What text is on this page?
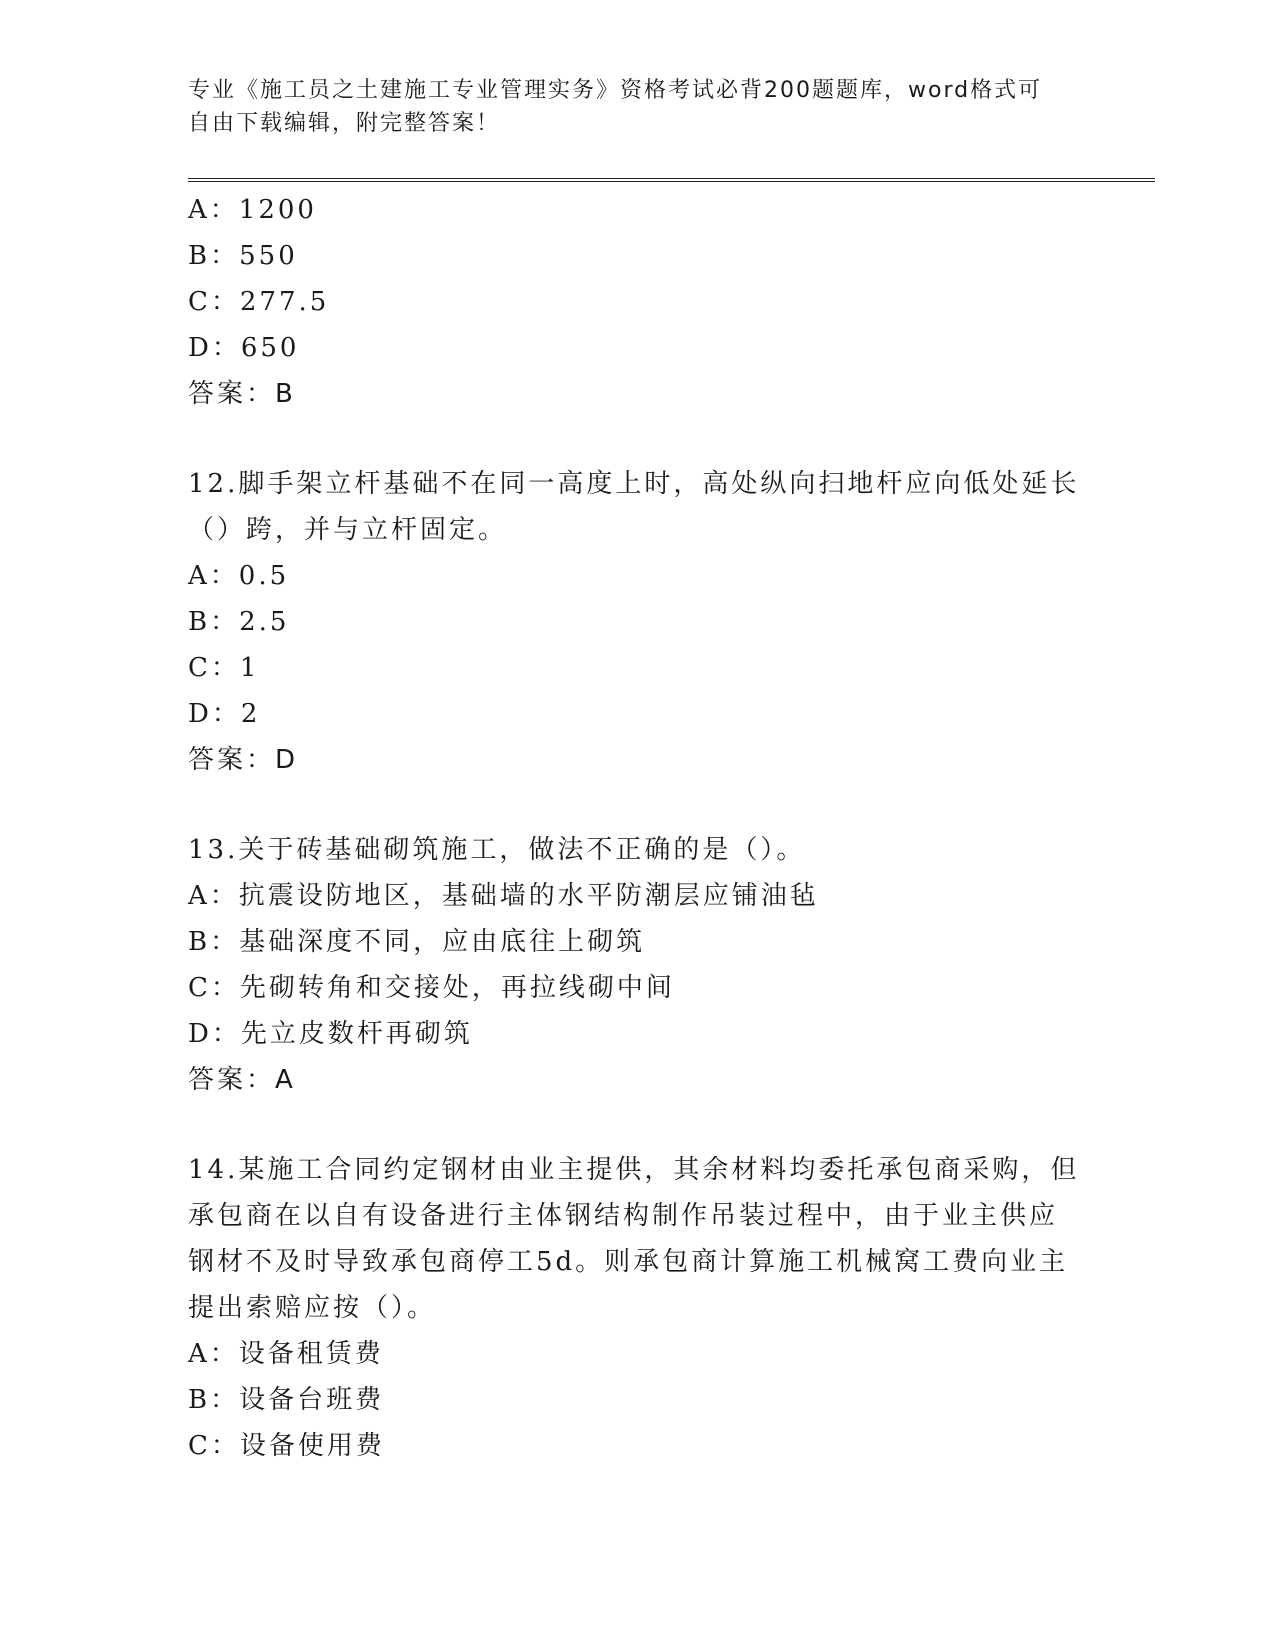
专业《施工员之土建施工专业管理实务》资格考试必背200题题库，word格式可
自由下载编辑，附完整答案！
A：1200
B：550
C：277.5
D：650
答案：B
12.脚手架立杆基础不在同一高度上时，高处纵向扫地杆应向低处延长
（）跨，并与立杆固定。
A：0.5
B：2.5
C：1
D：2
答案：D
13.关于砖基础砌筑施工，做法不正确的是（）。
A：抗震设防地区，基础墙的水平防潮层应铺油毡
B：基础深度不同，应由底往上砌筑
C：先砌转角和交接处，再拉线砌中间
D：先立皮数杆再砌筑
答案：A
14.某施工合同约定钢材由业主提供，其余材料均委托承包商采购，但
承包商在以自有设备进行主体钢结构制作吊装过程中，由于业主供应
钢材不及时导致承包商停工5d。则承包商计算施工机械窝工费向业主
提出索赔应按（）。
A：设备租赁费
B：设备台班费
C：设备使用费
